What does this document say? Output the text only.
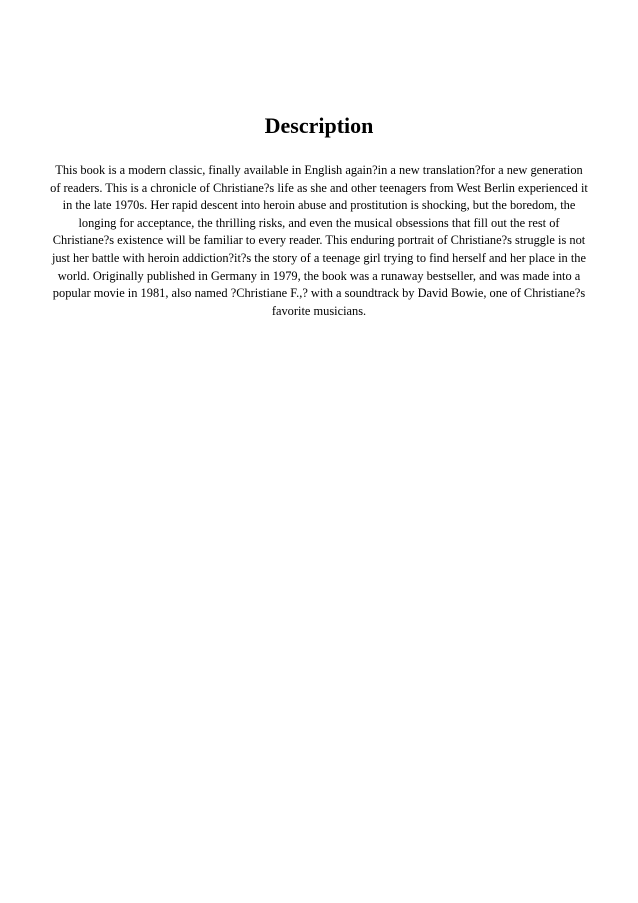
Description

This book is a modern classic, finally available in English again?in a new translation?for a new generation
of readers. This is a chronicle of Christiane?s life as she and other teenagers from West Berlin experienced it
in the late 1970s. Her rapid descent into heroin abuse and prostitution is shocking, but the boredom, the
longing for acceptance, the thrilling risks, and even the musical obsessions that fill out the rest of
Christiane?s existence will be familiar to every reader. This enduring portrait of Christiane?s struggle is not
just her battle with heroin addiction?it?s the story of a teenage girl trying to find herself and her place in the
world. Originally published in Germany in 1979, the book was a runaway bestseller, and was made into a
popular movie in 1981, also named ?Christiane F.,? with a soundtrack by David Bowie, one of Christiane?s
favorite musicians.
